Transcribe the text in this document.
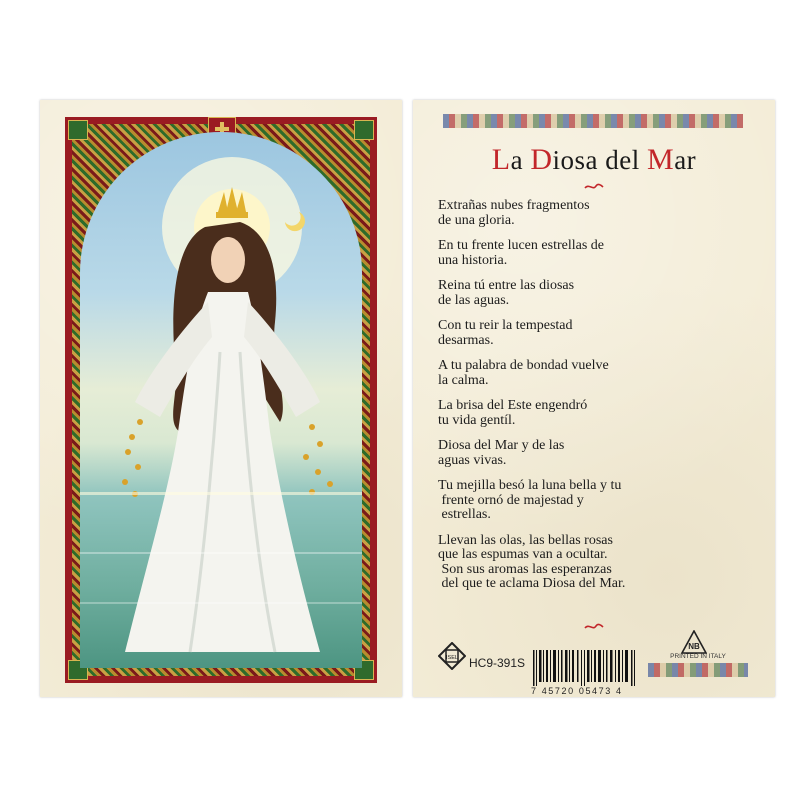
La Diosa del Mar
Extrañas nubes fragmentos
de una gloria.
En tu frente lucen estrellas de
una historia.
Reina tú entre las diosas
de las aguas.
Con tu reir la tempestad
desarmas.
A tu palabra de bondad vuelve
la calma.
La brisa del Este engendró
tu vida gentíl.
Diosa del Mar y de las
aguas vivas.
Tu mejilla besó la luna bella y tu
frente ornó de majestad y
estrellas.
Llevan las olas, las bellas rosas
que las espumas van a ocultar.
Son sus aromas las esperanzas
del que te aclama Diosa del Mar.
ISEL HC9-391S
7 45720 05473 4
NB
PRINTED IN ITALY
